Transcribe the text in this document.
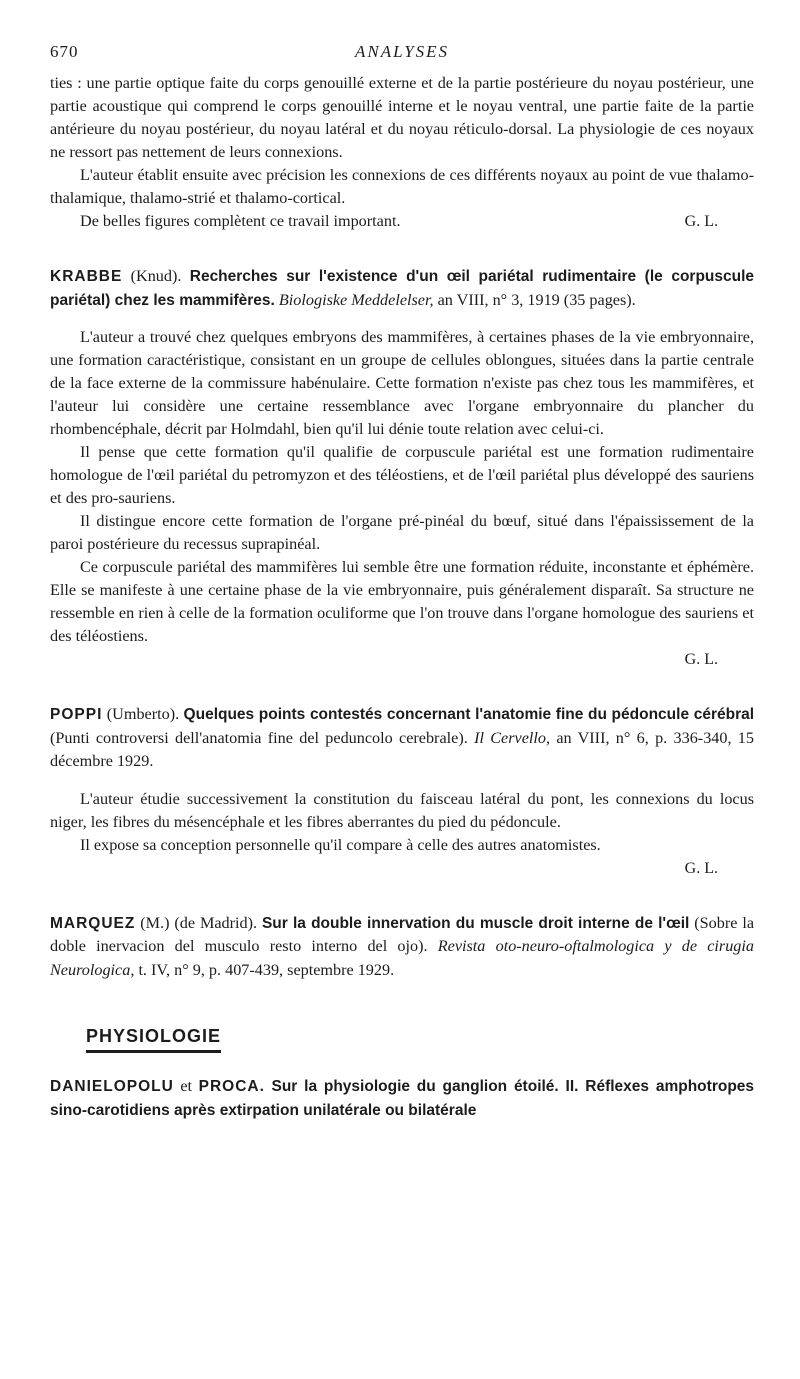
670	ANALYSES

ties : une partie optique faite du corps genouillé externe et de la partie postérieure du noyau postérieur, une partie acoustique qui comprend le corps genouillé interne et le noyau ventral, une partie faite de la partie antérieure du noyau postérieur, du noyau latéral et du noyau réticulo-dorsal. La physiologie de ces noyaux ne ressort pas nettement de leurs connexions.

L'auteur établit ensuite avec précision les connexions de ces différents noyaux au point de vue thalamo-thalamique, thalamo-strié et thalamo-cortical.

De belles figures complètent ce travail important.	G. L.
KRABBE (Knud). Recherches sur l'existence d'un œil pariétal rudimentaire (le corpuscule pariétal) chez les mammifères. Biologiske Meddelelser, an VIII, n° 3, 1919 (35 pages).

L'auteur a trouvé chez quelques embryons des mammifères, à certaines phases de la vie embryonnaire, une formation caractéristique, consistant en un groupe de cellules oblongues, situées dans la partie centrale de la face externe de la commissure habénulaire. Cette formation n'existe pas chez tous les mammifères, et l'auteur lui considère une certaine ressemblance avec l'organe embryonnaire du plancher du rhombencéphale, décrit par Holmdahl, bien qu'il lui dénie toute relation avec celui-ci.

Il pense que cette formation qu'il qualifie de corpuscule pariétal est une formation rudimentaire homologue de l'œil pariétal du petromyzon et des téléostiens, et de l'œil pariétal plus développé des sauriens et des pro-sauriens.

Il distingue encore cette formation de l'organe pré-pinéal du bœuf, situé dans l'épaississement de la paroi postérieure du recessus suprapinéal.

Ce corpuscule pariétal des mammifères lui semble être une formation réduite, inconstante et éphémère. Elle se manifeste à une certaine phase de la vie embryonnaire, puis généralement disparaît. Sa structure ne ressemble en rien à celle de la formation oculiforme que l'on trouve dans l'organe homologue des sauriens et des téléostiens.

G. L.
POPPI (Umberto). Quelques points contestés concernant l'anatomie fine du pédoncule cérébral (Punti controversi dell'anatomia fine del peduncolo cerebrale). Il Cervello, an VIII, n° 6, p. 336-340, 15 décembre 1929.

L'auteur étudie successivement la constitution du faisceau latéral du pont, les connexions du locus niger, les fibres du mésencéphale et les fibres aberrantes du pied du pédoncule.

Il expose sa conception personnelle qu'il compare à celle des autres anatomistes.

G. L.
MARQUEZ (M.) (de Madrid). Sur la double innervation du muscle droit interne de l'œil (Sobre la doble inervacion del musculo resto interno del ojo). Revista oto-neuro-oftalmologica y de cirugia Neurologica, t. IV, n° 9, p. 407-439, septembre 1929.
PHYSIOLOGIE
DANIELOPOLU et PROCA. Sur la physiologie du ganglion étoilé. II. Réflexes amphotropes sino-carotidiens après extirpation unilatérale ou bilatérale
